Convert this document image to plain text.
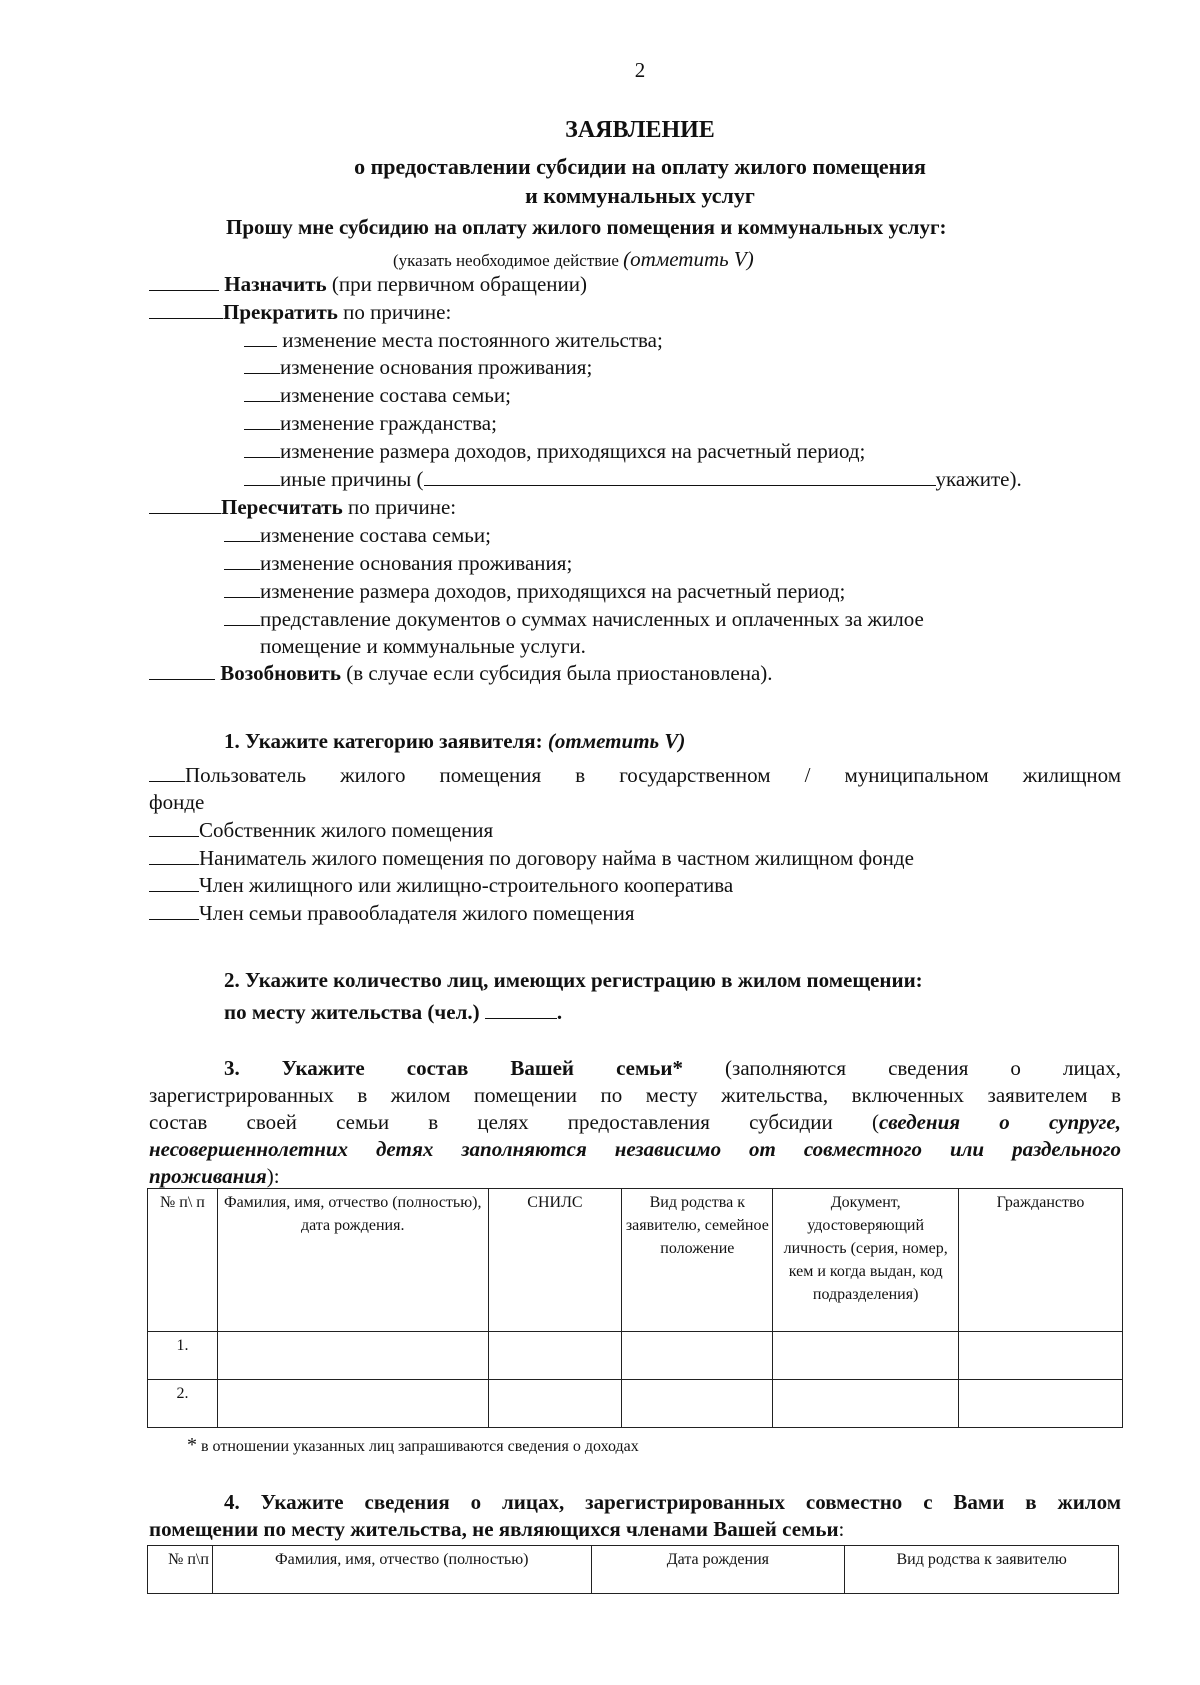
2
ЗАЯВЛЕНИЕ
о предоставлении субсидии на оплату жилого помещения
и коммунальных услуг
Прошу мне субсидию на оплату жилого помещения и коммунальных услуг:
(указать необходимое действие (отметить V)
Назначить (при первичном обращении)
Прекратить по причине:
изменение места постоянного жительства;
изменение основания проживания;
изменение состава семьи;
изменение гражданства;
изменение размера доходов, приходящихся на расчетный период;
иные причины (	укажите).
Пересчитать по причине:
изменение состава семьи;
изменение основания проживания;
изменение размера доходов, приходящихся на расчетный период;
представление документов о суммах начисленных и оплаченных за жилое
помещение и коммунальные услуги.
Возобновить (в случае если субсидия была приостановлена).
1. Укажите категорию заявителя: (отметить V)
Пользователь жилого помещения в государственном / муниципальном жилищном
фонде
Собственник жилого помещения
Наниматель жилого помещения по договору найма в частном жилищном фонде
Член жилищного или жилищно-строительного кооператива
Член семьи правообладателя жилого помещения
2. Укажите количество лиц, имеющих регистрацию в жилом помещении:
по месту жительства (чел.)	.
3. Укажите состав Вашей семьи* (заполняются сведения о лицах,
зарегистрированных в жилом помещении по месту жительства, включенных заявителем в
состав своей семьи в целях предоставления субсидии (сведения о супруге,
несовершеннолетних детях заполняются независимо от совместного или раздельного
проживания):
№ п\ п	Фамилия, имя, отчество (полностью), дата рождения.	СНИЛС	Вид родства к заявителю, семейное положение	Документ, удостоверяющий личность (серия, номер, кем и когда выдан, код подразделения)	Гражданство
1.					
2.					
* в отношении указанных лиц запрашиваются сведения о доходах
4. Укажите сведения о лицах, зарегистрированных совместно с Вами в жилом
помещении по месту жительства, не являющихся членами Вашей семьи:
№ п\п	Фамилия, имя, отчество (полностью)	Дата рождения	Вид родства к заявителю
